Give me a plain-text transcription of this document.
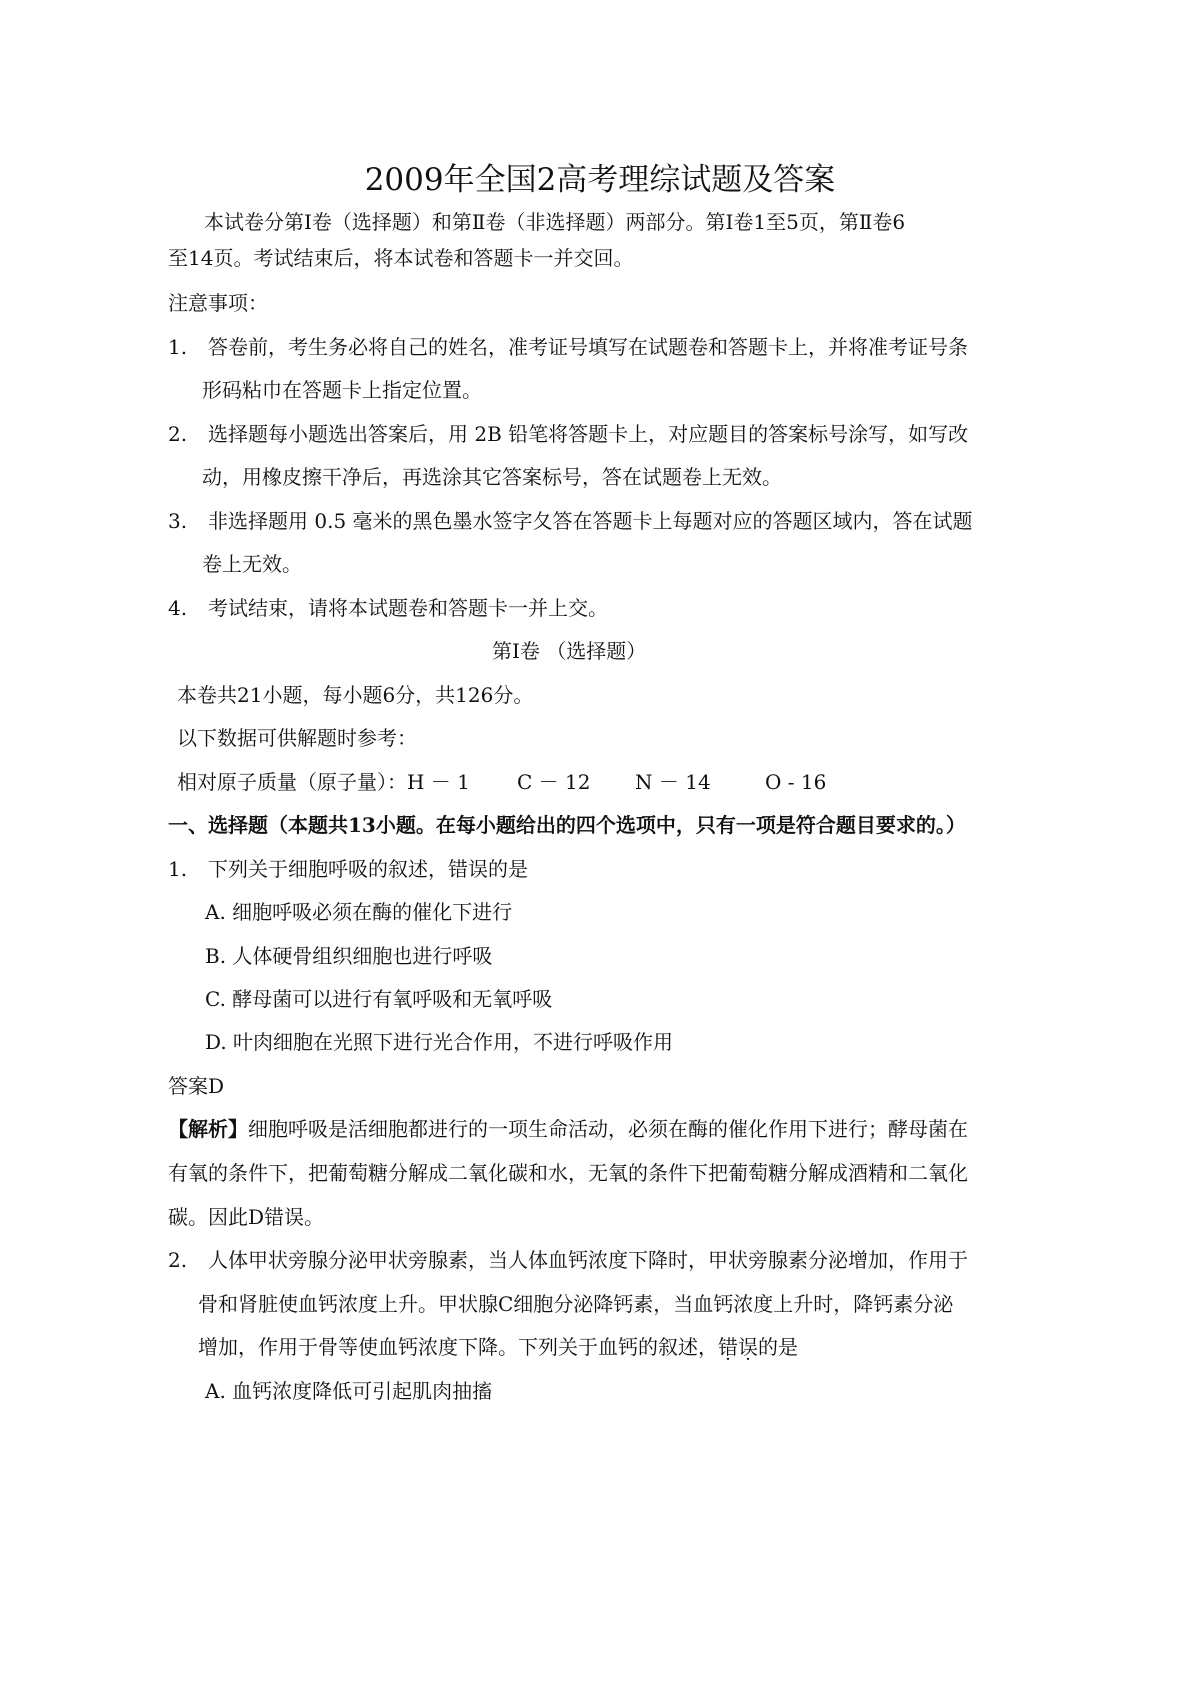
2009年全国2高考理综试题及答案
本试卷分第Ⅰ卷（选择题）和第Ⅱ卷（非选择题）两部分。第Ⅰ卷1至5页，第Ⅱ卷6
至14页。考试结束后，将本试卷和答题卡一并交回。
注意事项：
1. 答卷前，考生务必将自己的姓名，准考证号填写在试题卷和答题卡上，并将准考证号条
形码粘巾在答题卡上指定位置。
2. 选择题每小题选出答案后，用 2B 铅笔将答题卡上，对应题目的答案标号涂写，如写改
动，用橡皮擦干净后，再选涂其它答案标号，答在试题卷上无效。
3. 非选择题用 0.5 毫米的黑色墨水签字夂答在答题卡上每题对应的答题区域内，答在试题
卷上无效。
4. 考试结束，请将本试题卷和答题卡一并上交。
第Ⅰ卷 （选择题）
本卷共21小题，每小题6分，共126分。
以下数据可供解题时参考：
相对原子质量（原子量）：H － 1 C － 12 N － 14	O - 16
一、选择题（本题共13小题。在每小题给出的四个选项中，只有一项是符合题目要求的。）
1. 下列关于细胞呼吸的叙述，错误的是
A. 细胞呼吸必须在酶的催化下进行
B. 人体硬骨组织细胞也进行呼吸
C. 酵母菌可以进行有氧呼吸和无氧呼吸
D. 叶肉细胞在光照下进行光合作用，不进行呼吸作用
答案D
【解析】细胞呼吸是活细胞都进行的一项生命活动，必须在酶的催化作用下进行；酵母菌在
有氧的条件下，把葡萄糖分解成二氧化碳和水，无氧的条件下把葡萄糖分解成酒精和二氧化
碳。因此D错误。
2. 人体甲状旁腺分泌甲状旁腺素，当人体血钙浓度下降时，甲状旁腺素分泌增加，作用于
骨和肾脏使血钙浓度上升。甲状腺C细胞分泌降钙素，当血钙浓度上升时，降钙素分泌
增加，作用于骨等使血钙浓度下降。下列关于血钙的叙述，错误的是
A. 血钙浓度降低可引起肌肉抽搐
